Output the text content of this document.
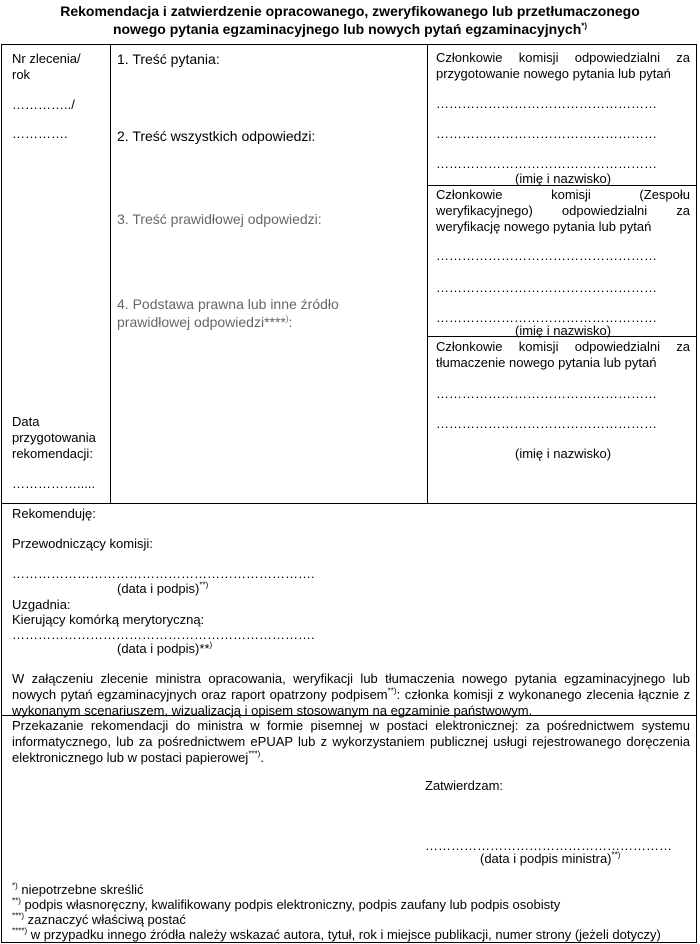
Rekomendacja i zatwierdzenie opracowanego, zweryfikowanego lub przetłumaczonego
nowego pytania egzaminacyjnego lub nowych pytań egzaminacyjnych*)
Nr zlecenia/
rok
…………../
………….
Data
przygotowania
rekomendacji:
…………….....
1. Treść pytania:
2. Treść wszystkich odpowiedzi:
3. Treść prawidłowej odpowiedzi:
4. Podstawa prawna lub inne źródło
prawidłowej odpowiedzi****):
Członkowie komisji odpowiedzialni za
przygotowanie nowego pytania lub pytań
……………………………………………
……………………………………………
……………………………………………
(imię i nazwisko)
Członkowie komisji (Zespołu
weryfikacyjnego) odpowiedzialni za
weryfikację nowego pytania lub pytań
……………………………………………
……………………………………………
……………………………………………
(imię i nazwisko)
Członkowie komisji odpowiedzialni za
tłumaczenie nowego pytania lub pytań
……………………………………………
……………………………………………
(imię i nazwisko)
Rekomenduję:
Przewodniczący komisji:
…………………………………………………………….
(data i podpis)**)
Uzgadnia:
Kierujący komórką merytoryczną:
…………………………………………………………….
(data i podpis)**)
W załączeniu zlecenie ministra opracowania, weryfikacji lub tłumaczenia nowego pytania egzaminacyjnego lub nowych pytań egzaminacyjnych oraz raport opatrzony podpisem**): członka komisji z wykonanego zlecenia łącznie z wykonanym scenariuszem, wizualizacją i opisem stosowanym na egzaminie państwowym.
Przekazanie rekomendacji do ministra w formie pisemnej w postaci elektronicznej: za pośrednictwem systemu informatycznego, lub za pośrednictwem ePUAP lub z wykorzystaniem publicznej usługi rejestrowanego doręczenia elektronicznego lub w postaci papierowej***).
Zatwierdzam:
…………………………………………………
(data i podpis ministra)**)
*) niepotrzebne skreślić
**) podpis własnoręczny, kwalifikowany podpis elektroniczny, podpis zaufany lub podpis osobisty
***) zaznaczyć właściwą postać
****) w przypadku innego źródła należy wskazać autora, tytuł, rok i miejsce publikacji, numer strony (jeżeli dotyczy)
